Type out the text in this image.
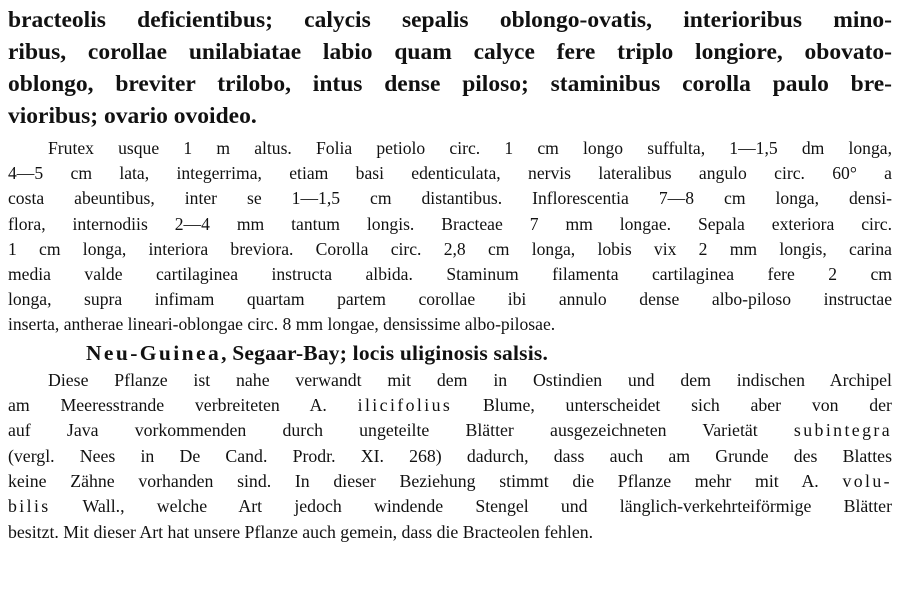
bracteolis deficientibus; calycis sepalis oblongo-ovatis, interioribus mino-
ribus, corollae unilabiatae labio quam calyce fere triplo longiore, obovato-
oblongo, breviter trilobo, intus dense piloso; staminibus corolla paulo bre-
vioribus; ovario ovoideo.
Frutex usque 1 m altus. Folia petiolo circ. 1 cm longo suffulta, 1—1,5 dm longa,
4—5 cm lata, integerrima, etiam basi edenticulata, nervis lateralibus angulo circ. 60° a
costa abeuntibus, inter se 1—1,5 cm distantibus. Inflorescentia 7—8 cm longa, densi-
flora, internodiis 2—4 mm tantum longis. Bracteae 7 mm longae. Sepala exteriora circ.
1 cm longa, interiora breviora. Corolla circ. 2,8 cm longa, lobis vix 2 mm longis, carina
media valde cartilaginea instructa albida. Staminum filamenta cartilaginea fere 2 cm
longa, supra infimam quartam partem corollae ibi annulo dense albo-piloso instructae
inserta, antherae lineari-oblongae circ. 8 mm longae, densissime albo-pilosae.
Neu-Guinea, Segaar-Bay; locis uliginosis salsis.
Diese Pflanze ist nahe verwandt mit dem in Ostindien und dem indischen Archipel
am Meeresstrande verbreiteten A. ilicifolius Blume, unterscheidet sich aber von der
auf Java vorkommenden durch ungeteilte Blätter ausgezeichneten Varietät subintegra
(vergl. Nees in De Cand. Prodr. XI. 268) dadurch, dass auch am Grunde des Blattes
keine Zähne vorhanden sind. In dieser Beziehung stimmt die Pflanze mehr mit A. volu-
bilis Wall., welche Art jedoch windende Stengel und länglich-verkehrteiförmige Blätter
besitzt. Mit dieser Art hat unsere Pflanze auch gemein, dass die Bracteolen fehlen.
